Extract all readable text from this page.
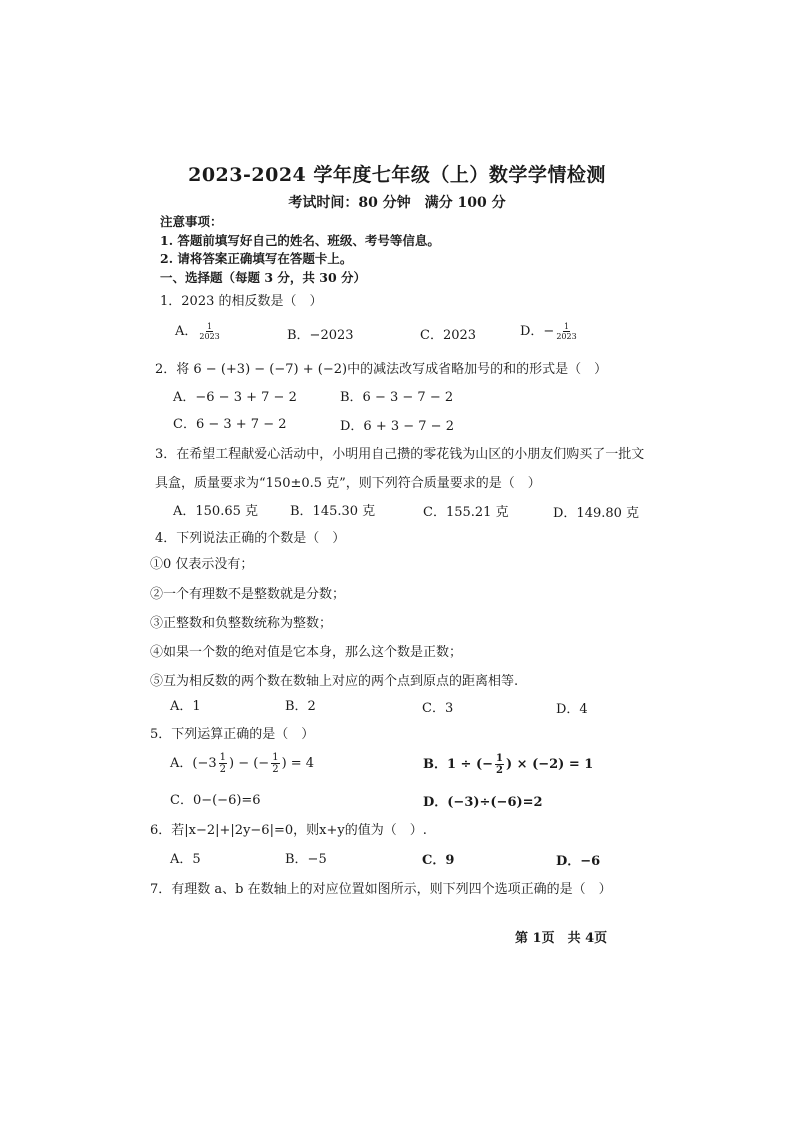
2023-2024 学年度七年级（上）数学学情检测
考试时间：80 分钟　满分 100 分
注意事项：
1. 答题前填写好自己的姓名、班级、考号等信息。
2. 请将答案正确填写在答题卡上。
一、选择题（每题 3 分，共 30 分）
1．2023 的相反数是（　）
A． $\frac{1}{2023}$	B．−2023	C．2023	D．− $\frac{1}{2023}$
2．将 6 − (+3) − (−7) + (−2)中的减法改写成省略加号的和的形式是（　）
A．−6 − 3 + 7 − 2	B．6 − 3 − 7 − 2
C．6 − 3 + 7 − 2	D．6 + 3 − 7 − 2
3．在希望工程献爱心活动中，小明用自己攒的零花钱为山区的小朋友们购买了一批文
具盒，质量要求为“150±0.5 克”，则下列符合质量要求的是（　）
A．150.65 克 B．145.30 克	C．155.21 克	D．149.80 克
4．下列说法正确的个数是（　）
①0 仅表示没有；
②一个有理数不是整数就是分数；
③正整数和负整数统称为整数；
④如果一个数的绝对值是它本身，那么这个数是正数；
⑤互为相反数的两个数在数轴上对应的两个点到原点的距离相等.
A．1	B．2	C．3	D．4
5．下列运算正确的是（　）
A．($-3 \frac{1}{2}$ ) − (− $\frac{1}{2}$ ) = 4	B．1 ÷ (− $\frac{1}{2}$ ) × (−2) = 1
C．0−(−6)=6	D．(−3)÷(−6)=2
6．若|x−2|+|2y−6|=0，则x+y的值为（　）.
A．5	B．−5	C．9	D．−6
7．有理数 a、b 在数轴上的对应位置如图所示，则下列四个选项正确的是（　）
第 1页　共 4页
